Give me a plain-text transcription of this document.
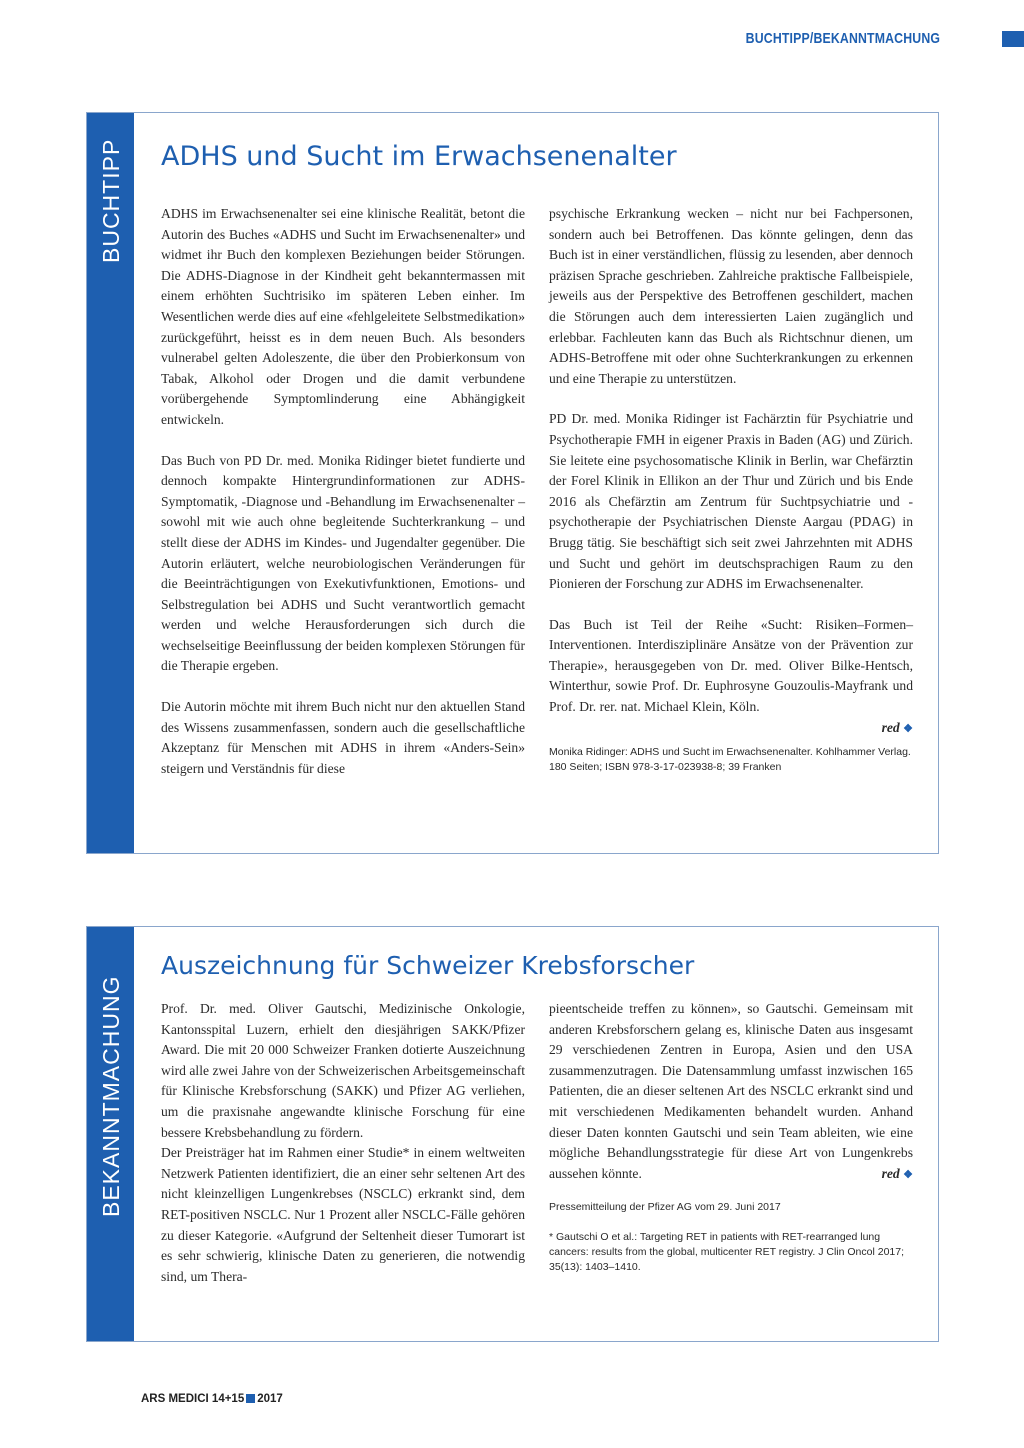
BUCHTIPP/BEKANNTMACHUNG
BUCHTIPP ADHS und Sucht im Erwachsenenalter

ADHS im Erwachsenenalter sei eine klinische Realität, betont die Autorin des Buches «ADHS und Sucht im Erwachsenenalter» und widmet ihr Buch den komplexen Beziehungen beider Störungen. Die ADHS-Diagnose in der Kindheit geht bekanntermassen mit einem erhöhten Suchtrisiko im späteren Leben einher. Im Wesentlichen werde dies auf eine «fehlgeleitete Selbstmedikation» zurückgeführt, heisst es in dem neuen Buch. Als besonders vulnerabel gelten Adoleszente, die über den Probierkonsum von Tabak, Alkohol oder Drogen und die damit verbundene vorübergehende Symptomlinderung eine Abhängigkeit entwickeln.

Das Buch von PD Dr. med. Monika Ridinger bietet fundierte und dennoch kompakte Hintergrundinformationen zur ADHS-Symptomatik, -Diagnose und -Behandlung im Erwachsenenalter – sowohl mit wie auch ohne begleitende Suchterkrankung – und stellt diese der ADHS im Kindes- und Jugendalter gegenüber. Die Autorin erläutert, welche neurobiologischen Veränderungen für die Beeinträchtigungen von Exekutivfunktionen, Emotions- und Selbstregulation bei ADHS und Sucht verantwortlich gemacht werden und welche Herausforderungen sich durch die wechselseitige Beeinflussung der beiden komplexen Störungen für die Therapie ergeben.

Die Autorin möchte mit ihrem Buch nicht nur den aktuellen Stand des Wissens zusammenfassen, sondern auch die gesellschaftliche Akzeptanz für Menschen mit ADHS in ihrem «Anders-Sein» steigern und Verständnis für diese

psychische Erkrankung wecken – nicht nur bei Fachpersonen, sondern auch bei Betroffenen. Das könnte gelingen, denn das Buch ist in einer verständlichen, flüssig zu lesenden, aber dennoch präzisen Sprache geschrieben. Zahlreiche praktische Fallbeispiele, jeweils aus der Perspektive des Betroffenen geschildert, machen die Störungen auch dem interessierten Laien zugänglich und erlebbar. Fachleuten kann das Buch als Richtschnur dienen, um ADHS-Betroffene mit oder ohne Suchterkrankungen zu erkennen und eine Therapie zu unterstützen.

PD Dr. med. Monika Ridinger ist Fachärztin für Psychiatrie und Psychotherapie FMH in eigener Praxis in Baden (AG) und Zürich. Sie leitete eine psychosomatische Klinik in Berlin, war Chefärztin der Forel Klinik in Ellikon an der Thur und Zürich und bis Ende 2016 als Chefärztin am Zentrum für Suchtpsychiatrie und -psychotherapie der Psychiatrischen Dienste Aargau (PDAG) in Brugg tätig. Sie beschäftigt sich seit zwei Jahrzehnten mit ADHS und Sucht und gehört im deutschsprachigen Raum zu den Pionieren der Forschung zur ADHS im Erwachsenenalter.

Das Buch ist Teil der Reihe «Sucht: Risiken–Formen–Interventionen. Interdisziplinäre Ansätze von der Prävention zur Therapie», herausgegeben von Dr. med. Oliver Bilke-Hentsch, Winterthur, sowie Prof. Dr. Euphrosyne Gouzoulis-Mayfrank und Prof. Dr. rer. nat. Michael Klein, Köln.

red ❖

Monika Ridinger: ADHS und Sucht im Erwachsenenalter. Kohlhammer Verlag. 180 Seiten; ISBN 978-3-17-023938-8; 39 Franken

BEKANNTMACHUNG
Auszeichnung für Schweizer Krebsforscher

Prof. Dr. med. Oliver Gautschi, Medizinische Onkologie, Kantonsspital Luzern, erhielt den diesjährigen SAKK/Pfizer Award. Die mit 20 000 Schweizer Franken dotierte Auszeichnung wird alle zwei Jahre von der Schweizerischen Arbeitsgemeinschaft für Klinische Krebsforschung (SAKK) und Pfizer AG verliehen, um die praxisnahe angewandte klinische Forschung für eine bessere Krebsbehandlung zu fördern.

Der Preisträger hat im Rahmen einer Studie* in einem weltweiten Netzwerk Patienten identifiziert, die an einer sehr seltenen Art des nicht kleinzelligen Lungenkrebses (NSCLC) erkrankt sind, dem RET-positiven NSCLC. Nur 1 Prozent aller NSCLC-Fälle gehören zu dieser Kategorie. «Aufgrund der Seltenheit dieser Tumorart ist es sehr schwierig, klinische Daten zu generieren, die notwendig sind, um Thera-

pieentscheide treffen zu können», so Gautschi. Gemeinsam mit anderen Krebsforschern gelang es, klinische Daten aus insgesamt 29 verschiedenen Zentren in Europa, Asien und den USA zusammenzutragen. Die Datensammlung umfasst inzwischen 165 Patienten, die an dieser seltenen Art des NSCLC erkrankt sind und mit verschiedenen Medikamenten behandelt wurden. Anhand dieser Daten konnten Gautschi und sein Team ableiten, wie eine mögliche Behandlungsstrategie für diese Art von Lungenkrebs aussehen könnte.	red ❖

Pressemitteilung der Pfizer AG vom 29. Juni 2017

* Gautschi O et al.: Targeting RET in patients with RET-rearranged lung cancers: results from the global, multicenter RET registry. J Clin Oncol 2017; 35(13): 1403–1410.

ARS MEDICI 14+15 2017
